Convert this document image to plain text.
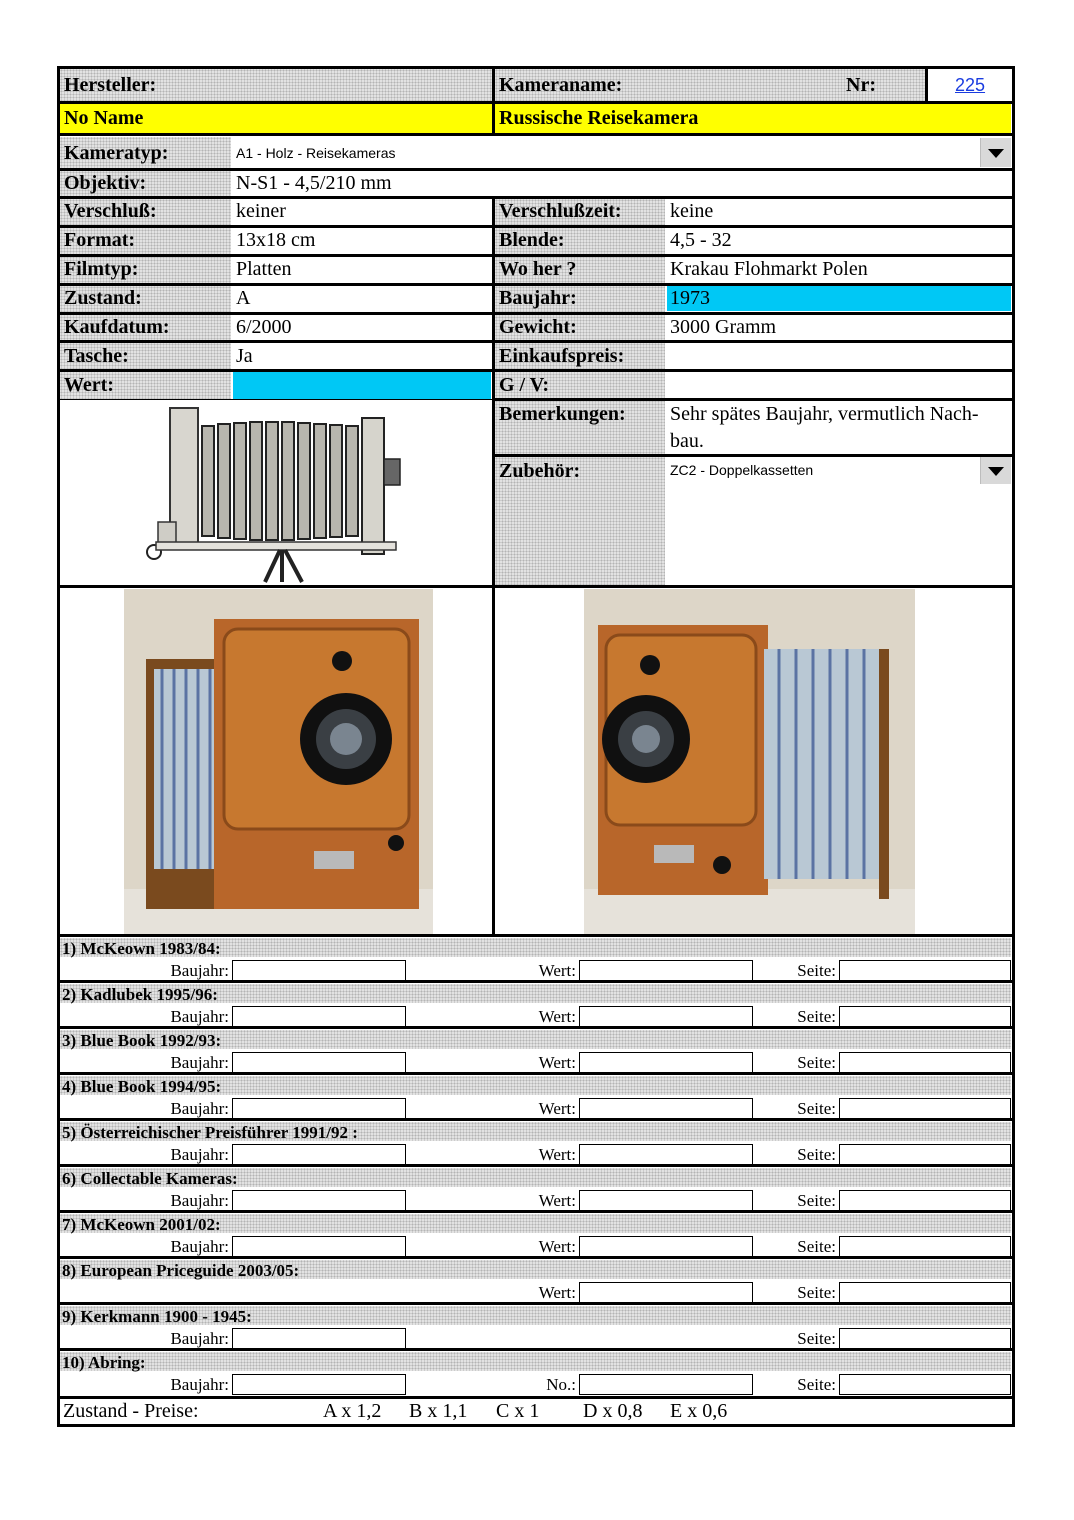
Hersteller:	Kameraname:	Nr:	225
No Name	Russische Reisekamera
Kameratyp:	A1 - Holz - Reisekameras
Objektiv:	N-S1 - 4,5/210 mm
Verschluß:	keiner	Verschlußzeit: keine
Format:	13x18 cm	Blende:	4,5 - 32
Filmtyp:	Platten	Wo her ?	Krakau Flohmarkt Polen
Zustand:	A	Baujahr:	1973
Kaufdatum:	6/2000	Gewicht:	3000 Gramm
Tasche:	Ja	Einkaufspreis:
Wert:	G / V:
Bemerkungen: Sehr spätes Baujahr, vermutlich Nach-
bau.
Zubehör:	ZC2 - Doppelkassetten
1) McKeown 1983/84:
Baujahr:	Wert:	Seite:
2) Kadlubek 1995/96:
Baujahr:	Wert:	Seite:
3) Blue Book 1992/93:
Baujahr:	Wert:	Seite:
4) Blue Book 1994/95:
Baujahr:	Wert:	Seite:
5) Österreichischer Preisführer 1991/92 :
Baujahr:	Wert:	Seite:
6) Collectable Kameras:
Baujahr:	Wert:	Seite:
7) McKeown 2001/02:
Baujahr:	Wert:	Seite:
8) European Priceguide 2003/05:
Wert:	Seite:
9) Kerkmann 1900 - 1945:
Baujahr:	Seite:
10) Abring:
Baujahr:	No.:	Seite:
Zustand - Preise:	A x 1,2 B x 1,1 C x 1 D x 0,8 E x 0,6
